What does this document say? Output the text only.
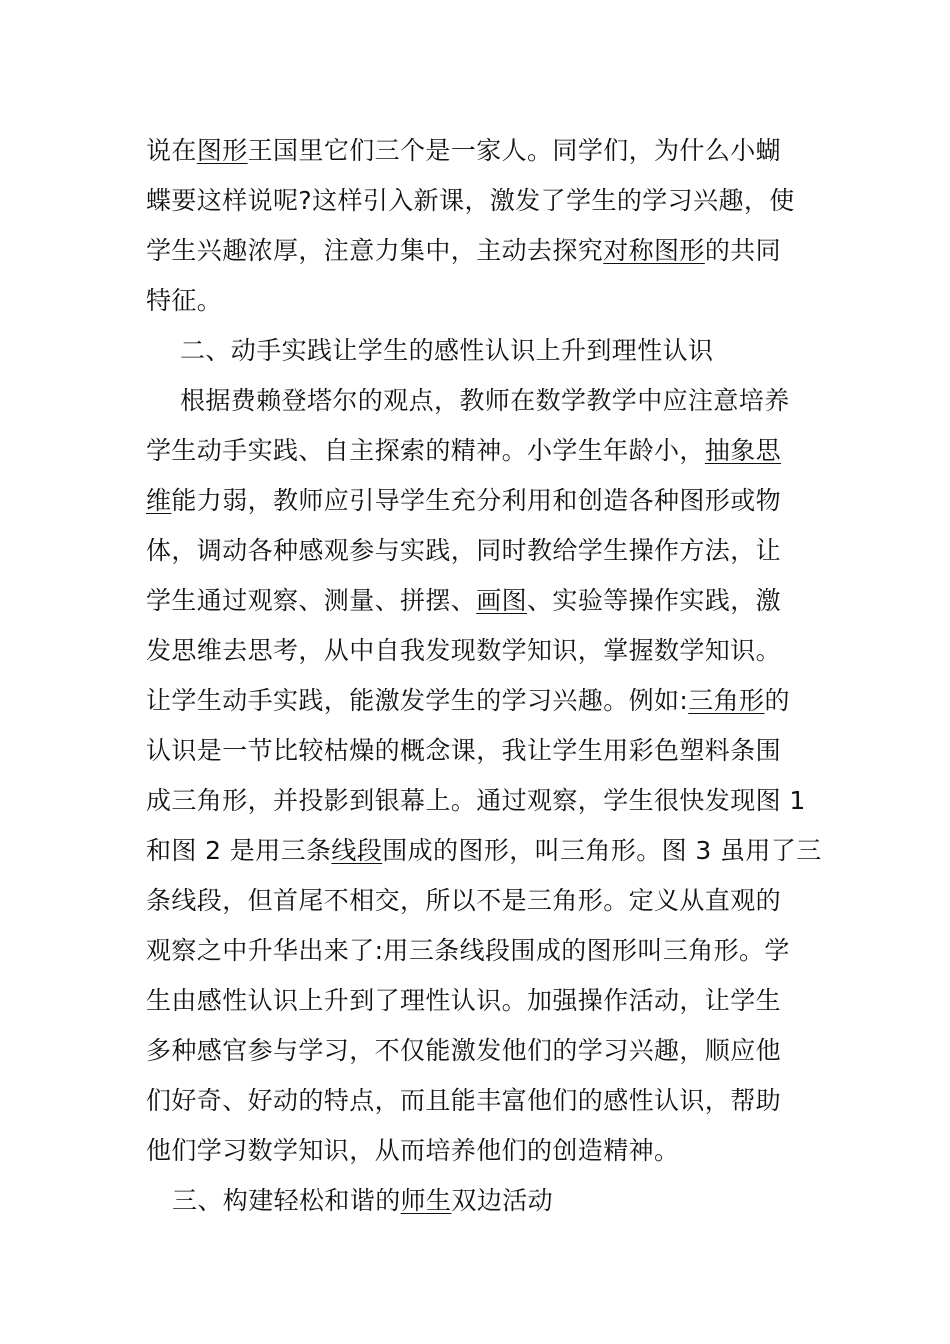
说在图形王国里它们三个是一家人。同学们，为什么小蝴
蝶要这样说呢?这样引入新课，激发了学生的学习兴趣，使
学生兴趣浓厚，注意力集中，主动去探究对称图形的共同
特征。
二、动手实践让学生的感性认识上升到理性认识
根据费赖登塔尔的观点，教师在数学教学中应注意培养
学生动手实践、自主探索的精神。小学生年龄小，抽象思
维能力弱，教师应引导学生充分利用和创造各种图形或物
体，调动各种感观参与实践，同时教给学生操作方法，让
学生通过观察、测量、拼摆、画图、实验等操作实践，激
发思维去思考，从中自我发现数学知识，掌握数学知识。
让学生动手实践，能激发学生的学习兴趣。例如:三角形的
认识是一节比较枯燥的概念课，我让学生用彩色塑料条围
成三角形，并投影到银幕上。通过观察，学生很快发现图 1
和图 2 是用三条线段围成的图形，叫三角形。图 3 虽用了三
条线段，但首尾不相交，所以不是三角形。定义从直观的
观察之中升华出来了:用三条线段围成的图形叫三角形。学
生由感性认识上升到了理性认识。加强操作活动，让学生
多种感官参与学习，不仅能激发他们的学习兴趣，顺应他
们好奇、好动的特点，而且能丰富他们的感性认识，帮助
他们学习数学知识，从而培养他们的创造精神。
三、构建轻松和谐的师生双边活动
